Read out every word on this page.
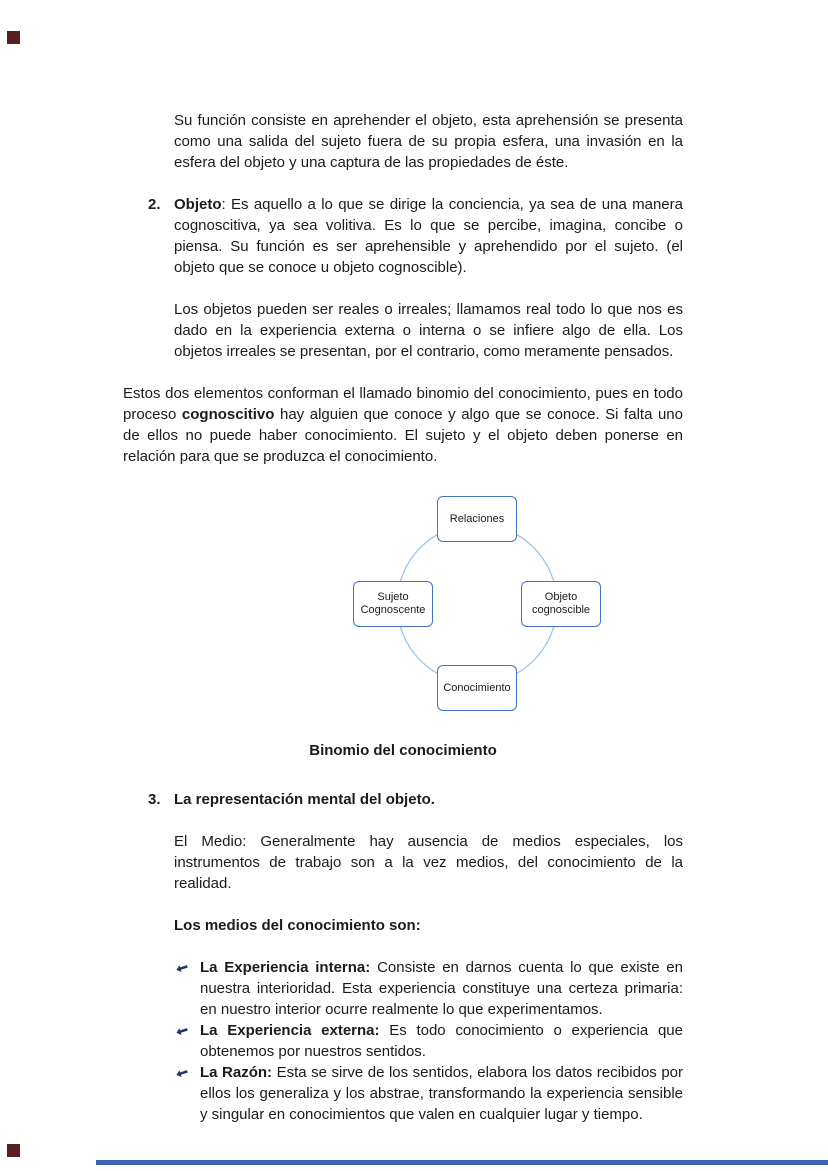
Su función consiste en aprehender el objeto, esta aprehensión se presenta como una salida del sujeto fuera de su propia esfera, una invasión en la esfera del objeto y una captura de las propiedades de éste.

2. Objeto: Es aquello a lo que se dirige la conciencia, ya sea de una manera cognoscitiva, ya sea volitiva. Es lo que se percibe, imagina, concibe o piensa. Su función es ser aprehensible y aprehendido por el sujeto. (el objeto que se conoce u objeto cognoscible).

Los objetos pueden ser reales o irreales; llamamos real todo lo que nos es dado en la experiencia externa o interna o se infiere algo de ella. Los objetos irreales se presentan, por el contrario, como meramente pensados.

Estos dos elementos conforman el llamado binomio del conocimiento, pues en todo proceso cognoscitivo hay alguien que conoce y algo que se conoce. Si falta uno de ellos no puede haber conocimiento. El sujeto y el objeto deben ponerse en relación para que se produzca el conocimiento.

Relaciones
Sujeto Cognoscente
Objeto cognoscible
Conocimiento

Binomio del conocimiento

3. La representación mental del objeto.

El Medio: Generalmente hay ausencia de medios especiales, los instrumentos de trabajo son a la vez medios, del conocimiento de la realidad.

Los medios del conocimiento son:

La Experiencia interna: Consiste en darnos cuenta lo que existe en nuestra interioridad. Esta experiencia constituye una certeza primaria: en nuestro interior ocurre realmente lo que experimentamos.
La Experiencia externa: Es todo conocimiento o experiencia que obtenemos por nuestros sentidos.
La Razón: Esta se sirve de los sentidos, elabora los datos recibidos por ellos los generaliza y los abstrae, transformando la experiencia sensible y singular en conocimientos que valen en cualquier lugar y tiempo.
